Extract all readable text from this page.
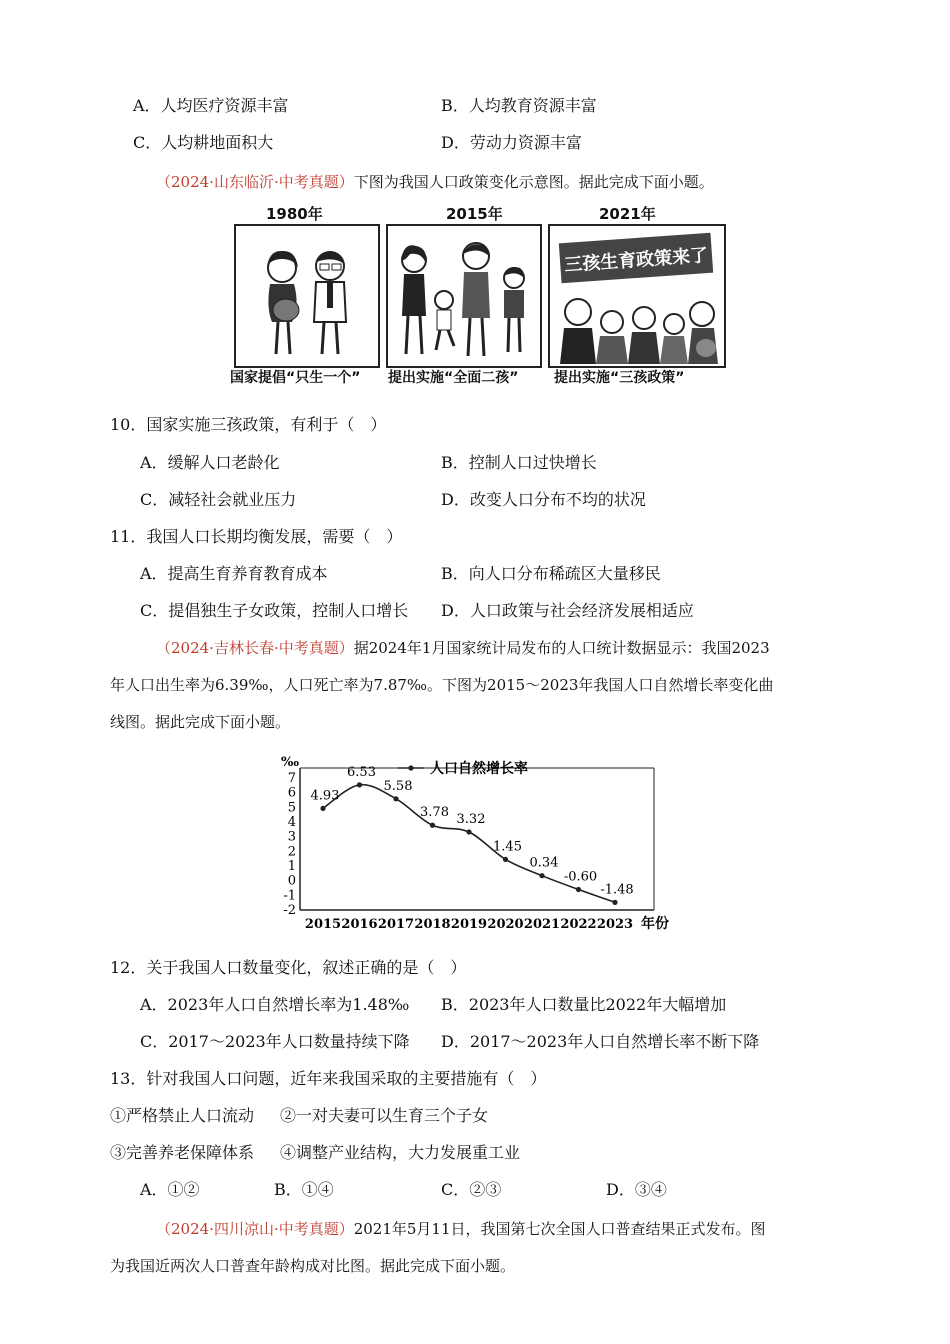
A．人均医疗资源丰富	B．人均教育资源丰富
C．人均耕地面积大	D．劳动力资源丰富
（2024·山东临沂·中考真题）下图为我国人口政策变化示意图。据此完成下面小题。
1980年	2015年	2021年
三孩生育政策来了
国家提倡“只生一个” 提出实施“全面二孩”	提出实施“三孩政策”
10．国家实施三孩政策，有利于（　）
A．缓解人口老龄化	B．控制人口过快增长
C．减轻社会就业压力	D．改变人口分布不均的状况
11．我国人口长期均衡发展，需要（　）
A．提高生育养育教育成本	B．向人口分布稀疏区大量移民
C．提倡独生子女政策，控制人口增长 D．人口政策与社会经济发展相适应
（2024·吉林长春·中考真题）据2024年1月国家统计局发布的人口统计数据显示：我国2023
年人口出生率为6.39‰，人口死亡率为7.87‰。下图为2015～2023年我国人口自然增长率变化曲
线图。据此完成下面小题。
7
6
5
4
3
2
1
0
-1
-2
‰
2015 2016 2017 2018 2019 2020 2021 2022 2023 年份
4.93
6.53
5.58
3.78 3.32
1.45
0.34
-0.60
-1.48
人口自然增长率
12．关于我国人口数量变化，叙述正确的是（　）
A．2023年人口自然增长率为1.48‰ B．2023年人口数量比2022年大幅增加
C．2017～2023年人口数量持续下降 D．2017～2023年人口自然增长率不断下降
13．针对我国人口问题，近年来我国采取的主要措施有（　）
①严格禁止人口流动 ②一对夫妻可以生育三个子女
③完善养老保障体系 ④调整产业结构，大力发展重工业
A．①②	B．①④	C．②③	D．③④
（2024·四川凉山·中考真题）2021年5月11日，我国第七次全国人口普查结果正式发布。图
为我国近两次人口普查年龄构成对比图。据此完成下面小题。
